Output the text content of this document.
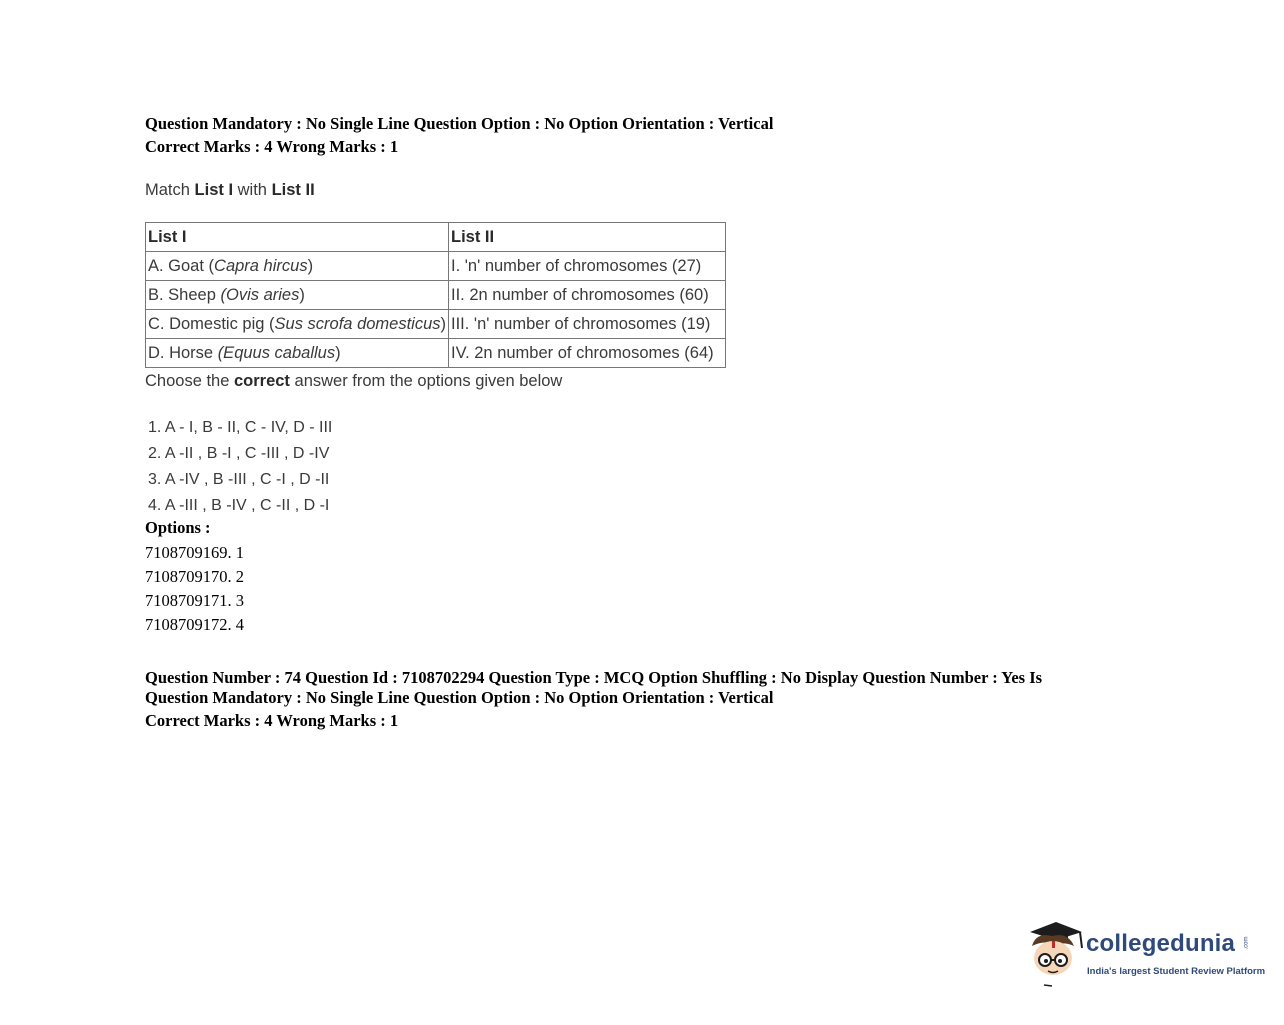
Question Mandatory : No Single Line Question Option : No Option Orientation : Vertical
Correct Marks : 4 Wrong Marks : 1
Match List I with List II
List I	List II
A. Goat (Capra hircus)	I. 'n' number of chromosomes (27)
B. Sheep (Ovis aries)	II. 2n number of chromosomes (60)
C. Domestic pig (Sus scrofa domesticus)	III. 'n' number of chromosomes (19)
D. Horse (Equus caballus)	IV. 2n number of chromosomes (64)
Choose the correct answer from the options given below
1. A - I, B - II, C - IV, D - III
2. A -II , B -I , C -III , D -IV
3. A -IV , B -III , C -I , D -II
4. A -III , B -IV , C -II , D -I
Options :
7108709169. 1
7108709170. 2
7108709171. 3
7108709172. 4
Question Number : 74 Question Id : 7108702294 Question Type : MCQ Option Shuffling : No Display Question Number : Yes Is
Question Mandatory : No Single Line Question Option : No Option Orientation : Vertical
Correct Marks : 4 Wrong Marks : 1
collegedunia .com
India's largest Student Review Platform
